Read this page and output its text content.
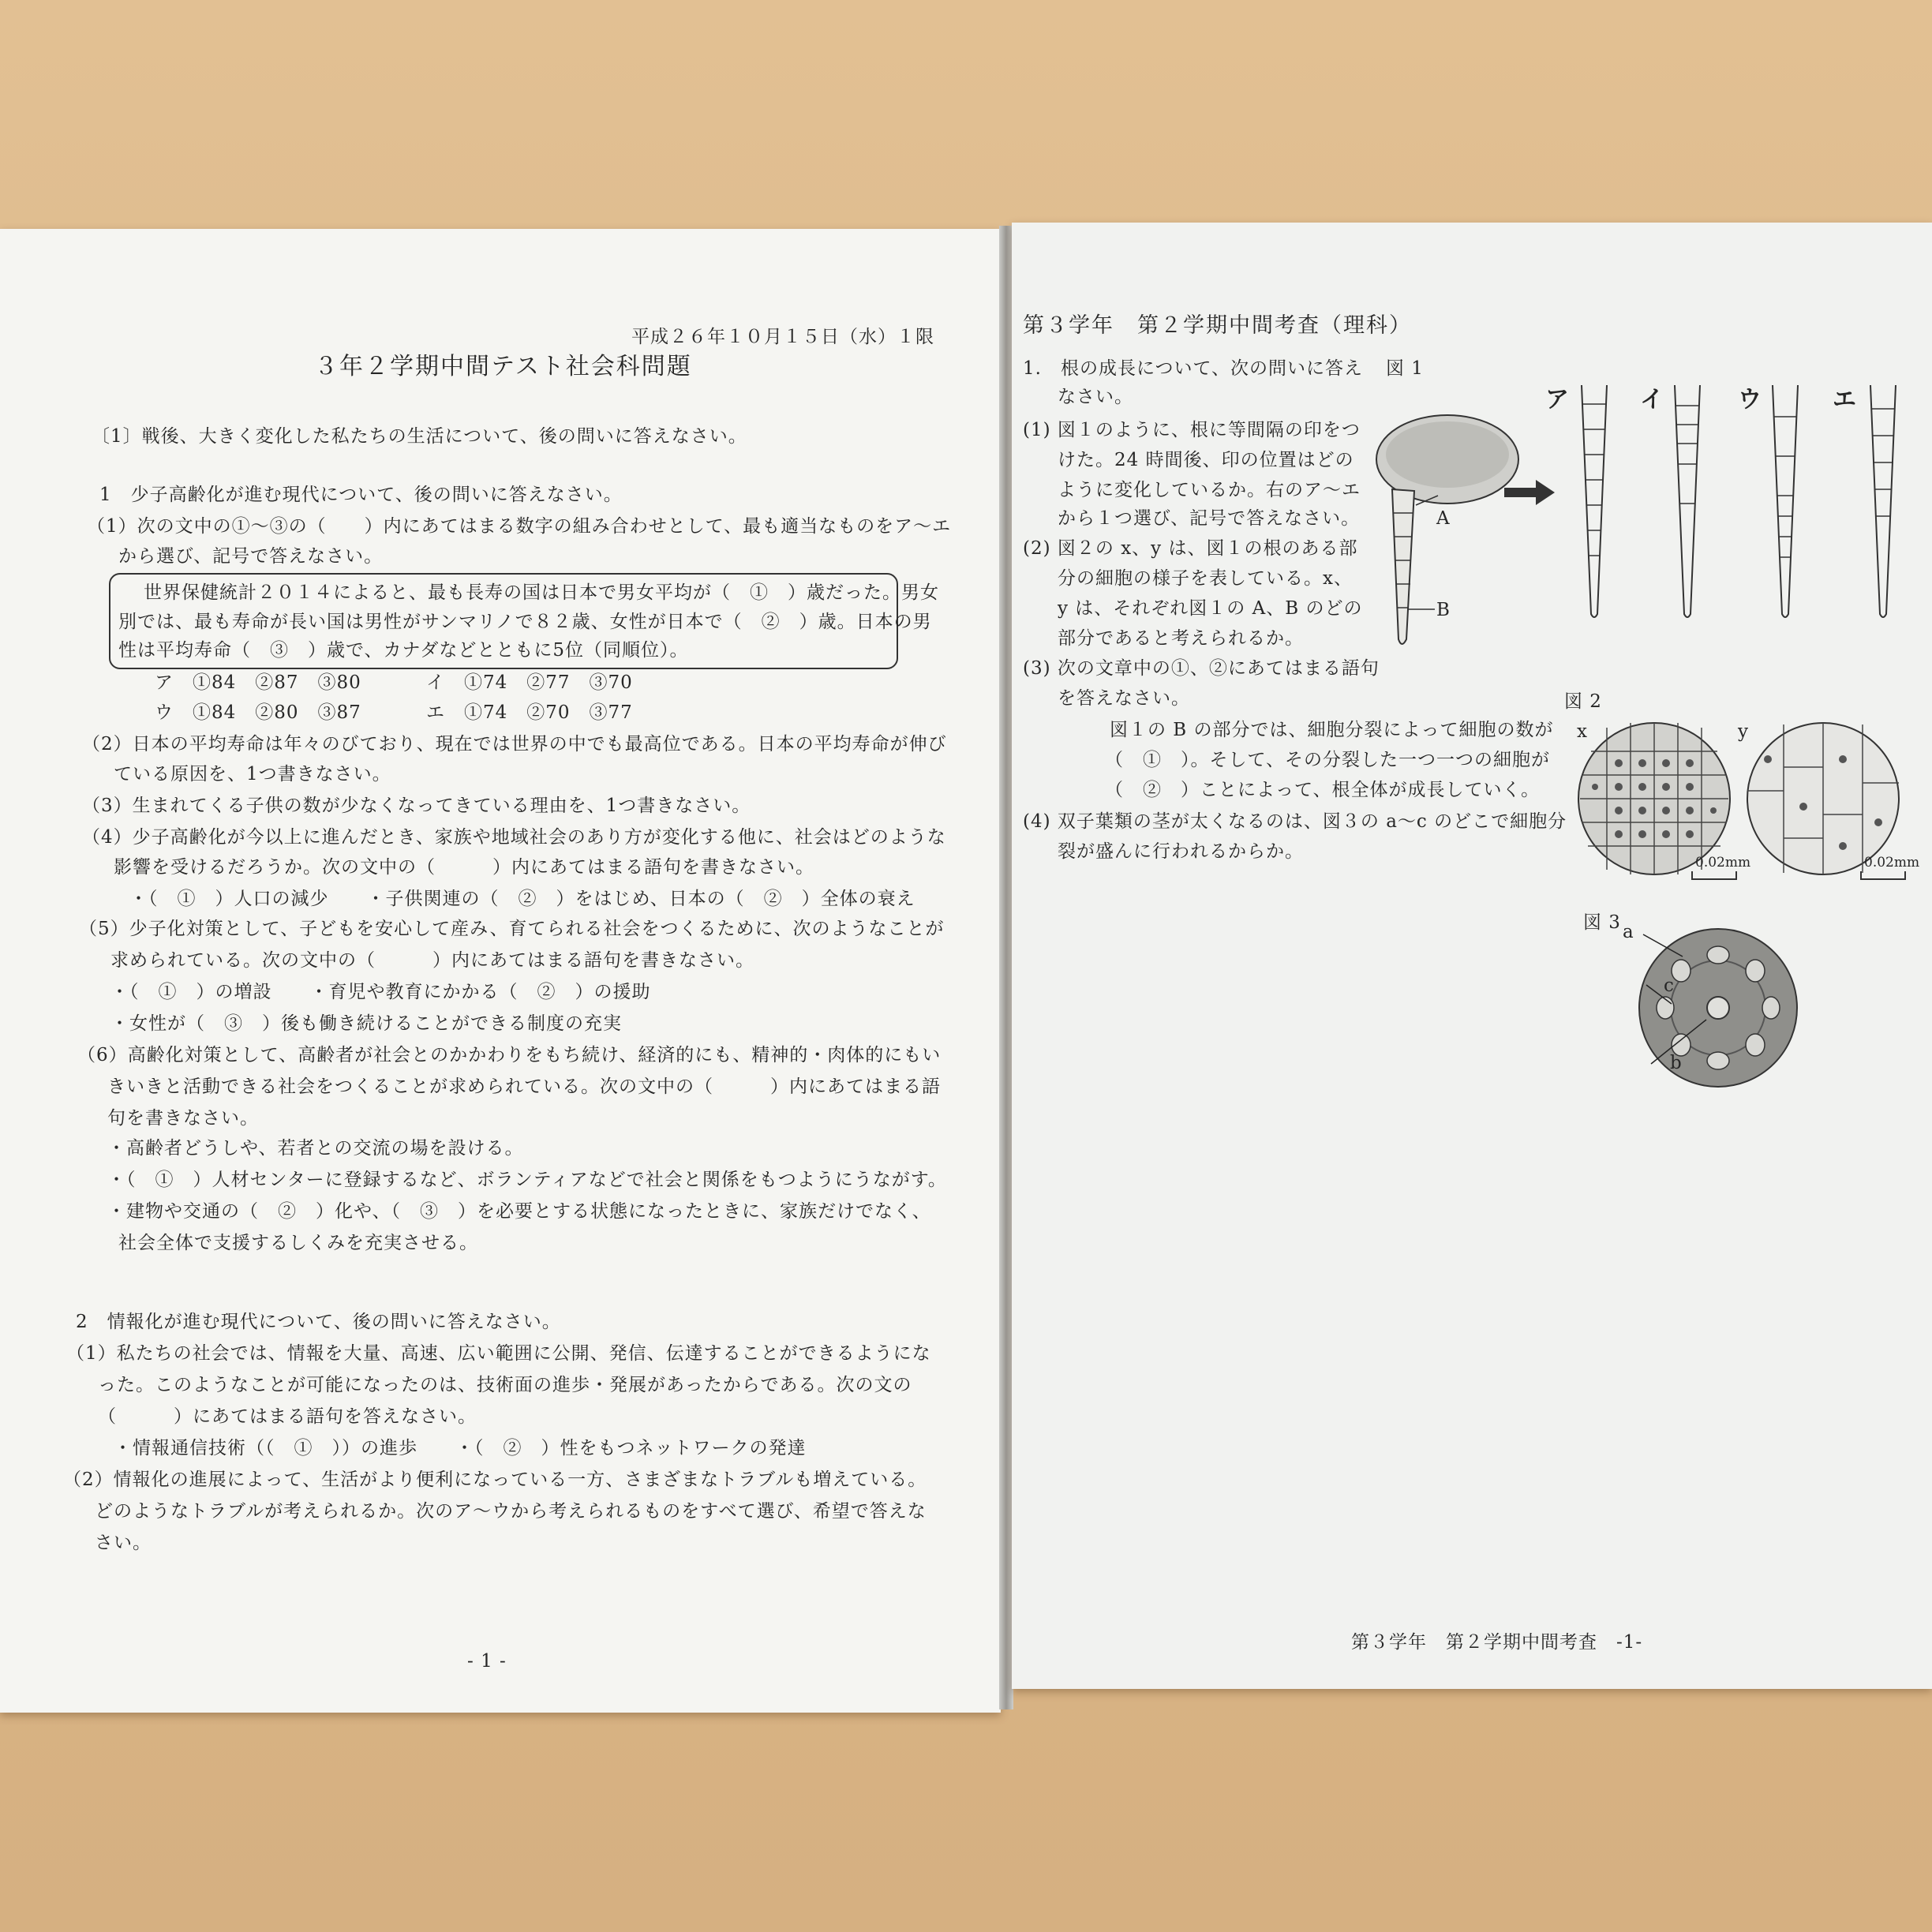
平成２６年１０月１５日（水）１限
３年２学期中間テスト社会科問題
〔1〕戦後、大きく変化した私たちの生活について、後の問いに答えなさい。
1　少子高齢化が進む現代について、後の問いに答えなさい。
（1）次の文中の①～③の（　　）内にあてはまる数字の組み合わせとして、最も適当なものをア～エ
から選び、記号で答えなさい。
世界保健統計２０１４によると、最も長寿の国は日本で男女平均が（　①　）歳だった。男女
別では、最も寿命が長い国は男性がサンマリノで８２歳、女性が日本で（　②　）歳。日本の男
性は平均寿命（　③　）歳で、カナダなどとともに5位（同順位）。
ア　①84　②87　③80	イ　①74　②77　③70
ウ　①84　②80　③87	エ　①74　②70　③77
（2）日本の平均寿命は年々のびており、現在では世界の中でも最高位である。日本の平均寿命が伸び
ている原因を、1つ書きなさい。
（3）生まれてくる子供の数が少なくなってきている理由を、1つ書きなさい。
（4）少子高齢化が今以上に進んだとき、家族や地域社会のあり方が変化する他に、社会はどのような
影響を受けるだろうか。次の文中の（　　　）内にあてはまる語句を書きなさい。
・（　①　）人口の減少　　・子供関連の（　②　）をはじめ、日本の（　②　）全体の衰え
（5）少子化対策として、子どもを安心して産み、育てられる社会をつくるために、次のようなことが
求められている。次の文中の（　　　）内にあてはまる語句を書きなさい。
・（　①　）の増設　　・育児や教育にかかる（　②　）の援助
・女性が（　③　）後も働き続けることができる制度の充実
（6）高齢化対策として、高齢者が社会とのかかわりをもち続け、経済的にも、精神的・肉体的にもい
きいきと活動できる社会をつくることが求められている。次の文中の（　　　）内にあてはまる語
句を書きなさい。
・高齢者どうしや、若者との交流の場を設ける。
・（　①　）人材センターに登録するなど、ボランティアなどで社会と関係をもつようにうながす。
・建物や交通の（　②　）化や、（　③　）を必要とする状態になったときに、家族だけでなく、
社会全体で支援するしくみを充実させる。
2　情報化が進む現代について、後の問いに答えなさい。
（1）私たちの社会では、情報を大量、高速、広い範囲に公開、発信、伝達することができるようにな
った。このようなことが可能になったのは、技術面の進歩・発展があったからである。次の文の
（　　　）にあてはまる語句を答えなさい。
・情報通信技術（（　①　））の進歩　　・（　②　）性をもつネットワークの発達
（2）情報化の進展によって、生活がより便利になっている一方、さまざまなトラブルも増えている。
どのようなトラブルが考えられるか。次のア～ウから考えられるものをすべて選び、希望で答えな
さい。
- 1 -
第３学年　第２学期中間考査（理科）
1.　根の成長について、次の問いに答え
なさい。
図 1
(1) 図１のように、根に等間隔の印をつ
けた。24 時間後、印の位置はどの
ように変化しているか。右のア～エ
から１つ選び、記号で答えなさい。
(2) 図２の x、y は、図１の根のある部
分の細胞の様子を表している。x、
y は、それぞれ図１の A、B のどの
部分であると考えられるか。
(3) 次の文章中の①、②にあてはまる語句
を答えなさい。
図１の B の部分では、細胞分裂によって細胞の数が
（　①　）。そして、その分裂した一つ一つの細胞が
（　②　）ことによって、根全体が成長していく。
(4) 双子葉類の茎が太くなるのは、図３の a～c のどこで細胞分
裂が盛んに行われるからか。
A
B
ア	イ	ウ	エ
図 2
x	y
0.02mm	0.02mm
図 3 a
c
b
第３学年　第２学期中間考査　-1-
